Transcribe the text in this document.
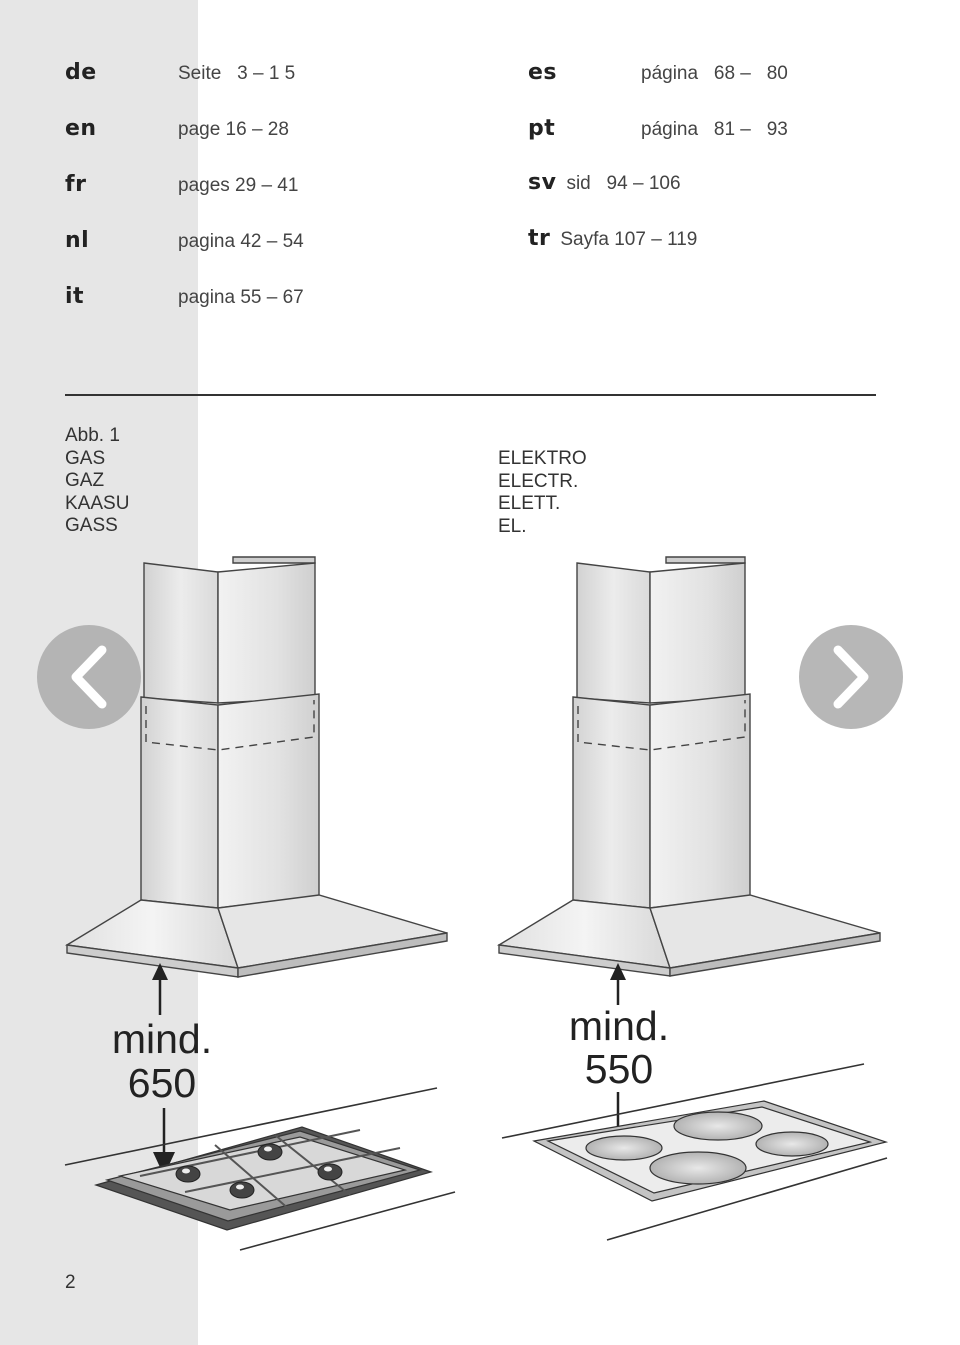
de	Seite   3 – 1 5
en	page 16 – 28
fr	pages 29 – 41
nl	pagina 42 – 54
it	pagina 55 – 67
es	página   68 –   80
pt	página   81 –   93
sv sid   94 – 106
tr Sayfa 107 – 119
Abb. 1
GAS
GAZ
KAASU
GASS
ELEKTRO
ELECTR.
ELETT.
EL.
mind.
650
mind.
550
2
